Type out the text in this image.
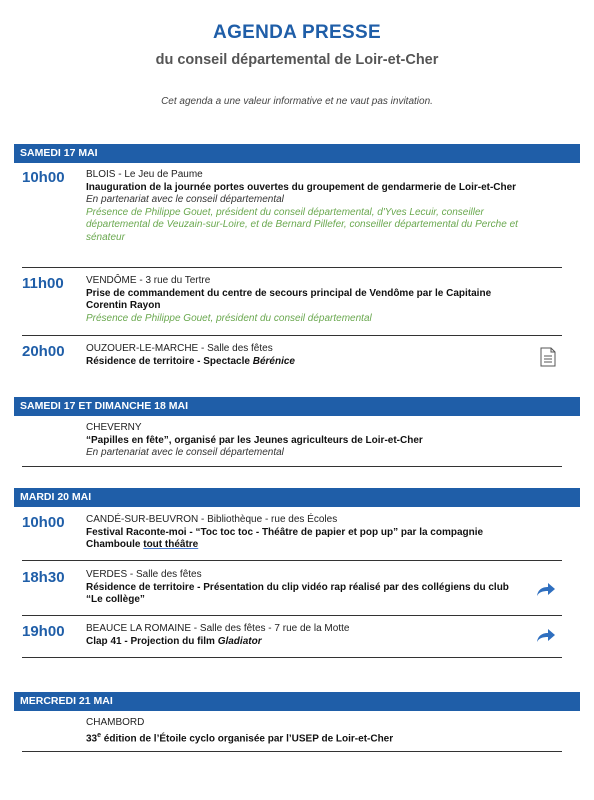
AGENDA PRESSE
du conseil départemental de Loir-et-Cher
Cet agenda a une valeur informative et ne vaut pas invitation.
SAMEDI 17 MAI
10h00	BLOIS - Le Jeu de Paume
Inauguration de la journée portes ouvertes du groupement de gendarmerie de Loir-et-Cher
En partenariat avec le conseil départemental
Présence de Philippe Gouet, président du conseil départemental, d'Yves Lecuir, conseiller départemental de Veuzain-sur-Loire, et de Bernard Pillefer, conseiller départemental du Perche et sénateur
11h00	VENDÔME - 3 rue du Tertre
Prise de commandement du centre de secours principal de Vendôme par le Capitaine Corentin Rayon
Présence de Philippe Gouet, président du conseil départemental
20h00	OUZOUER-LE-MARCHE - Salle des fêtes
Résidence de territoire - Spectacle Bérénice
SAMEDI 17 ET DIMANCHE 18 MAI
CHEVERNY
“Papilles en fête”, organisé par les Jeunes agriculteurs de Loir-et-Cher
En partenariat avec le conseil départemental
MARDI 20 MAI
10h00	CANDÉ-SUR-BEUVRON - Bibliothèque - rue des Écoles
Festival Raconte-moi - “Toc toc toc - Théâtre de papier et pop up” par la compagnie Chamboule tout théâtre
18h30	VERDES - Salle des fêtes
Résidence de territoire - Présentation du clip vidéo rap réalisé par des collégiens du club “Le collège”
19h00	BEAUCE LA ROMAINE - Salle des fêtes - 7 rue de la Motte
Clap 41 - Projection du film Gladiator
MERCREDI 21 MAI
CHAMBORD
33e édition de l’Étoile cyclo organisée par l’USEP de Loir-et-Cher
